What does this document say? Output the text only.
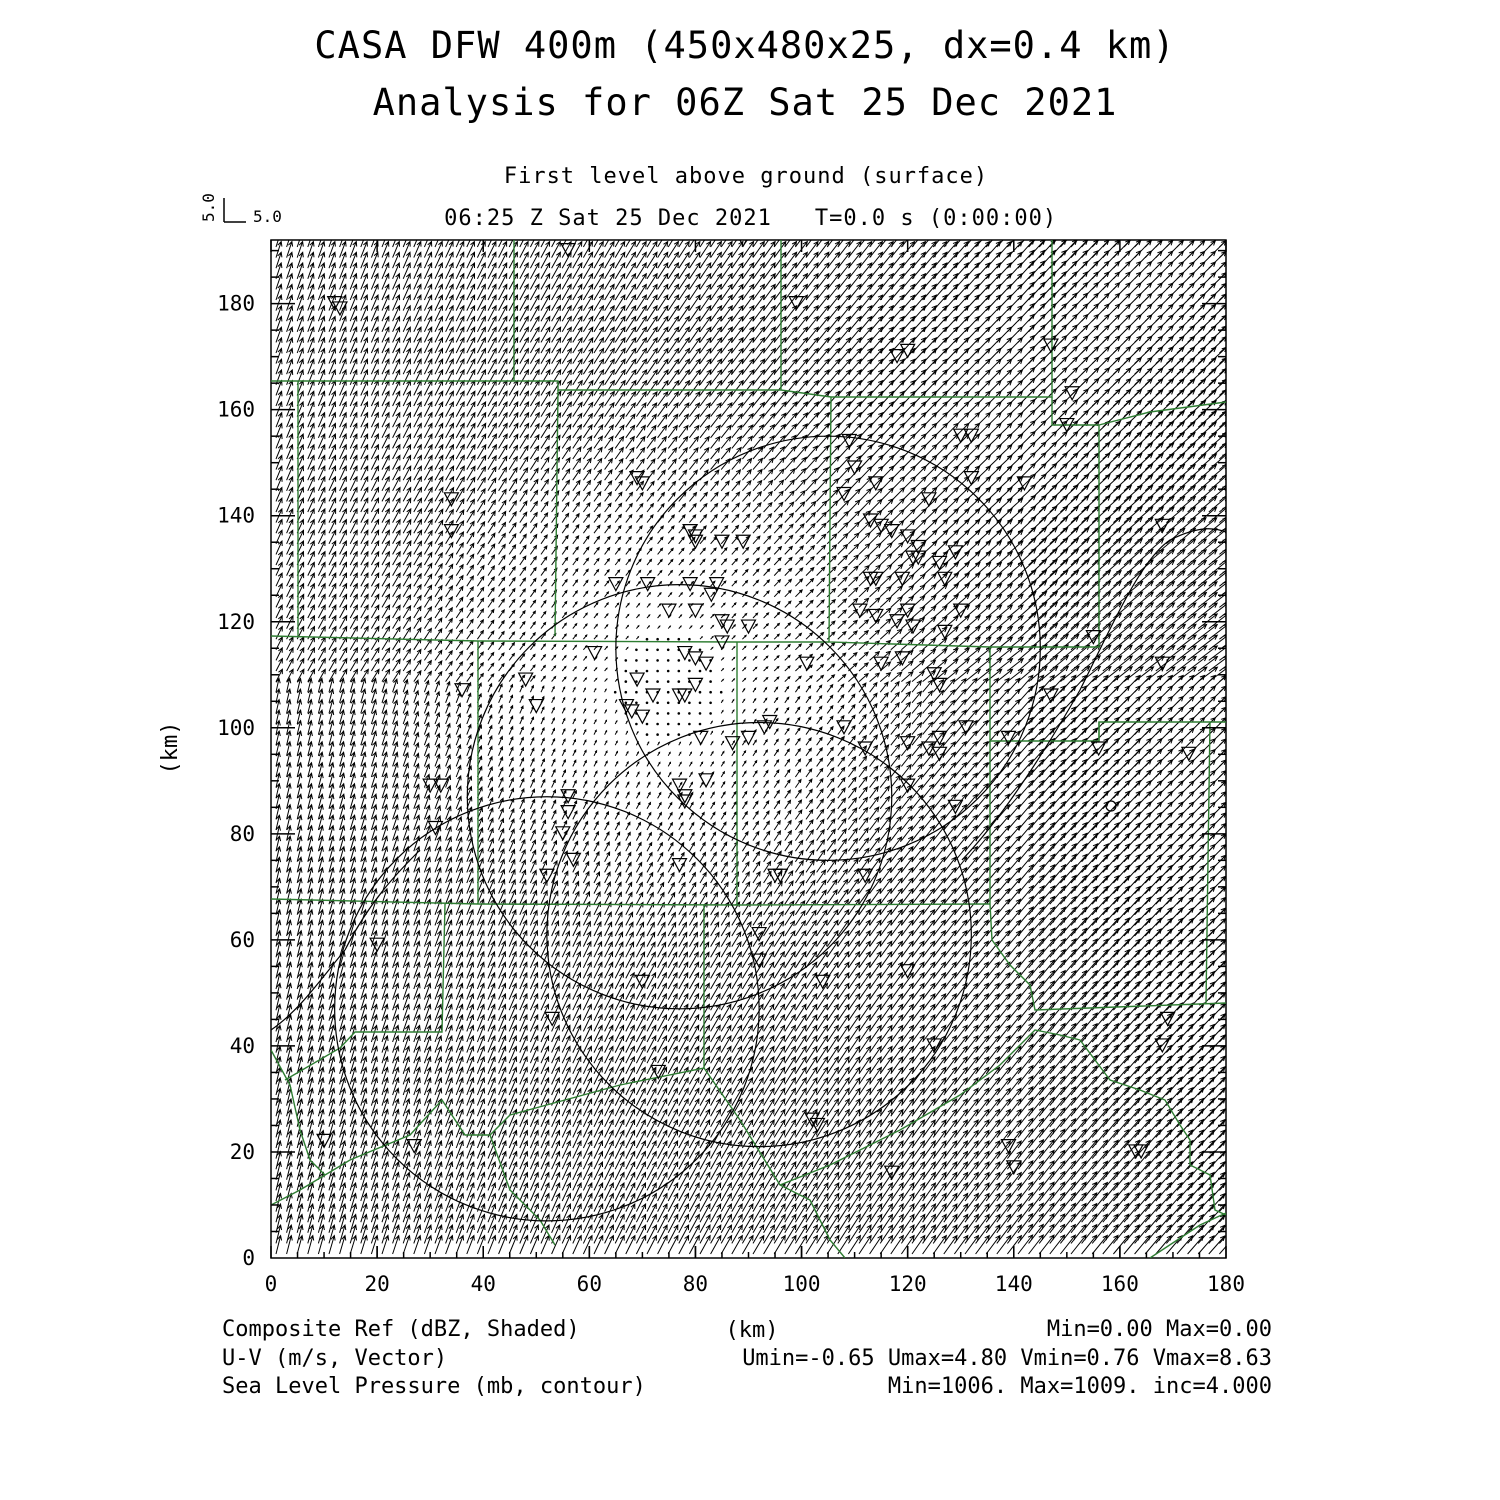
CASA DFW 400m (450x480x25, dx=0.4 km)
Analysis for 06Z Sat 25 Dec 2021
First level above ground (surface)
06:25 Z Sat 25 Dec 2021 T=0.0 s (0:00:00)
5.0
5.0
0	20	40	60	80	100	120	140	160	180
0
20
40
60
80
100
120
140
160
180
(km)
(km)
Composite Ref (dBZ, Shaded)	Min=0.00 Max=0.00
U-V (m/s, Vector)	Umin=-0.65 Umax=4.80 Vmin=0.76 Vmax=8.63
Sea Level Pressure (mb, contour)	Min=1006. Max=1009. inc=4.000
